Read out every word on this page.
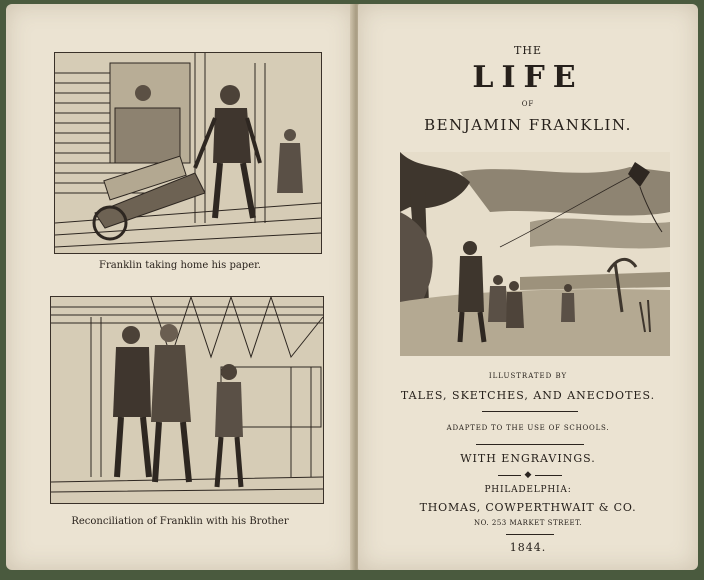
Franklin taking home his paper.
Reconciliation of Franklin with his Brother
THE
LIFE
OF
BENJAMIN FRANKLIN.
ILLUSTRATED BY
TALES, SKETCHES, AND ANECDOTES.
ADAPTED TO THE USE OF SCHOOLS.
WITH ENGRAVINGS.
◆
PHILADELPHIA:
THOMAS, COWPERTHWAIT & CO.
NO. 253 MARKET STREET.
1844.
